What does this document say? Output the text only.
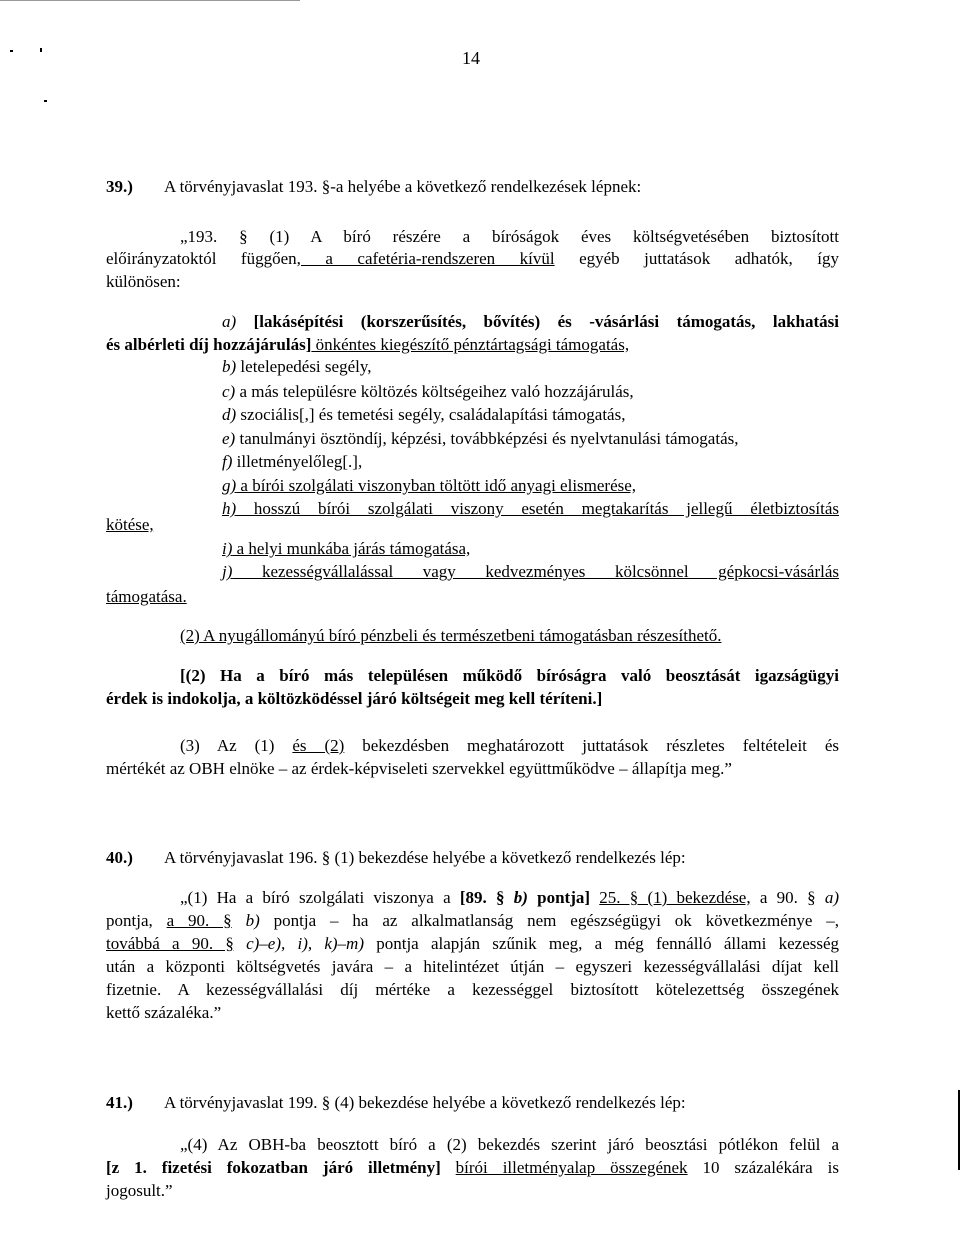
14
39.) A törvényjavaslat 193. §-a helyébe a következő rendelkezések lépnek:
„193. § (1) A bíró részére a bíróságok éves költségvetésében biztosított
előirányzatoktól függően, a cafetéria-rendszeren kívül egyéb juttatások adhatók, így
különösen:
a) [lakásépítési (korszerűsítés, bővítés) és -vásárlási támogatás, lakhatási
és albérleti díj hozzájárulás] önkéntes kiegészítő pénztártagsági támogatás,
b) letelepedési segély,
c) a más településre költözés költségeihez való hozzájárulás,
d) szociális[,] és temetési segély, családalapítási támogatás,
e) tanulmányi ösztöndíj, képzési, továbbképzési és nyelvtanulási támogatás,
f) illetményelőleg[.],
g) a bírói szolgálati viszonyban töltött idő anyagi elismerése,
h) hosszú bírói szolgálati viszony esetén megtakarítás jellegű életbiztosítás
kötése,
i) a helyi munkába járás támogatása,
j) kezességvállalással vagy kedvezményes kölcsönnel gépkocsi-vásárlás
támogatása.
(2) A nyugállományú bíró pénzbeli és természetbeni támogatásban részesíthető.
[(2) Ha a bíró más településen működő bíróságra való beosztását igazságügyi
érdek is indokolja, a költözködéssel járó költségeit meg kell téríteni.]
(3) Az (1) és (2) bekezdésben meghatározott juttatások részletes feltételeit és
mértékét az OBH elnöke – az érdek-képviseleti szervekkel együttműködve – állapítja meg.”
40.) A törvényjavaslat 196. § (1) bekezdése helyébe a következő rendelkezés lép:
„(1) Ha a bíró szolgálati viszonya a [89. § b) pontja] 25. § (1) bekezdése, a 90. § a)
pontja, a 90. § b) pontja – ha az alkalmatlanság nem egészségügyi ok következménye –,
továbbá a 90. § c)–e), i), k)–m) pontja alapján szűnik meg, a még fennálló állami kezesség
után a központi költségvetés javára – a hitelintézet útján – egyszeri kezességvállalási díjat kell
fizetnie. A kezességvállalási díj mértéke a kezességgel biztosított kötelezettség összegének
kettő százaléka.”
41.) A törvényjavaslat 199. § (4) bekezdése helyébe a következő rendelkezés lép:
„(4) Az OBH-ba beosztott bíró a (2) bekezdés szerint járó beosztási pótlékon felül a
[z 1. fizetési fokozatban járó illetmény] bírói illetményalap összegének 10 százalékára is
jogosult.”
